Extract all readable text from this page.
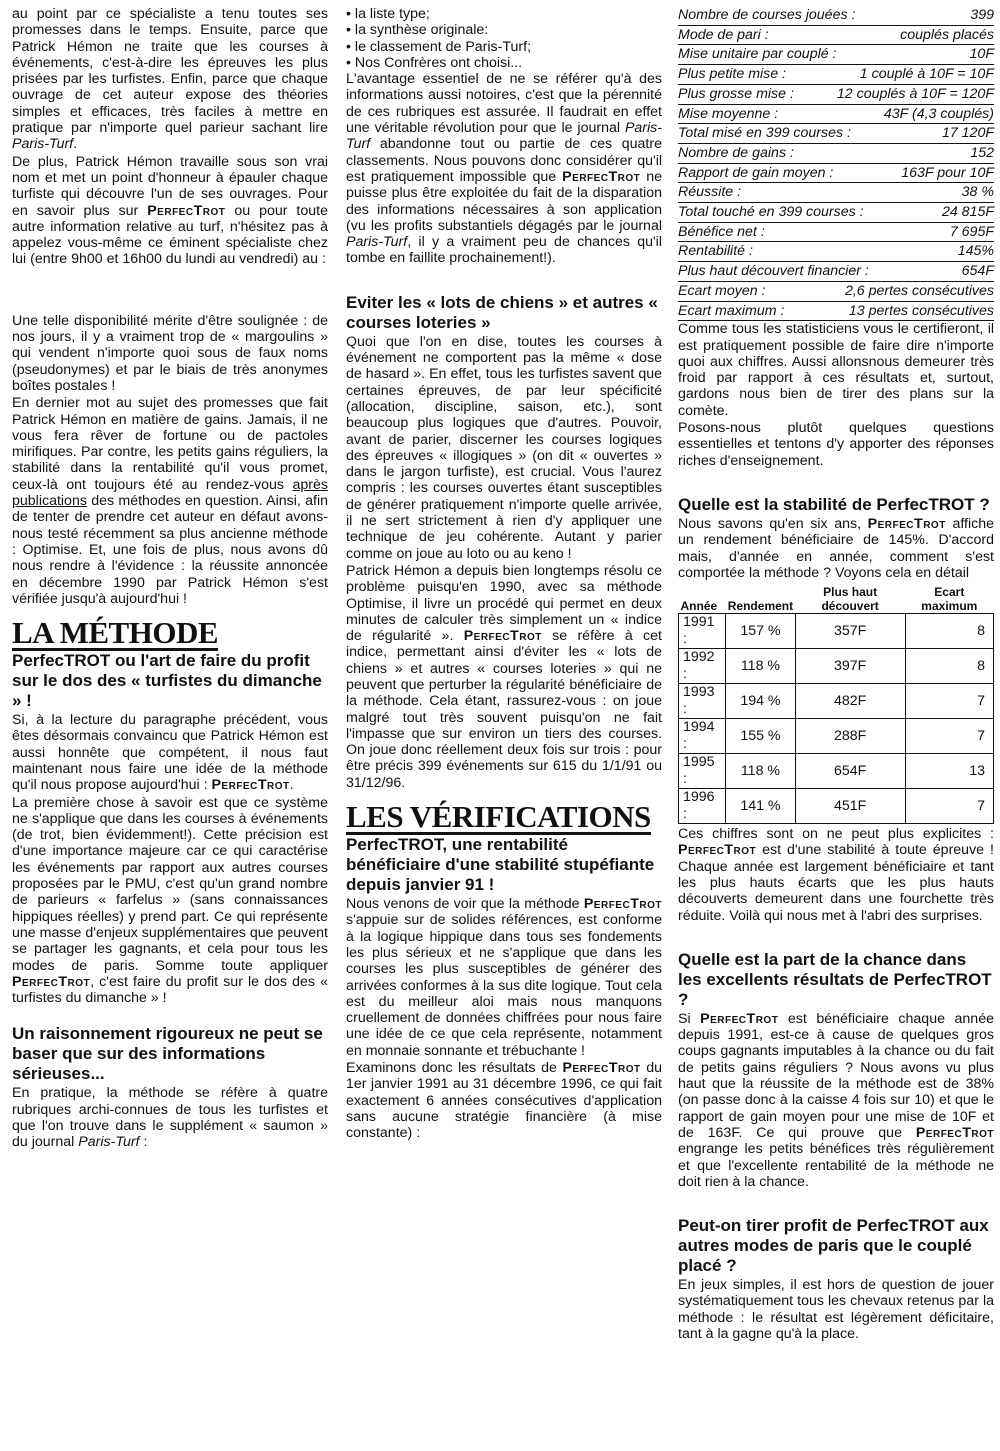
au point par ce spécialiste a tenu toutes ses promesses dans le temps. Ensuite, parce que Patrick Hémon ne traite que les courses à événements, c'est-à-dire les épreuves les plus prisées par les turfistes. Enfin, parce que chaque ouvrage de cet auteur expose des théories simples et efficaces, très faciles à mettre en pratique par n'importe quel parieur sachant lire Paris-Turf.

De plus, Patrick Hémon travaille sous son vrai nom et met un point d'honneur à épauler chaque turfiste qui découvre l'un de ses ouvrages. Pour en savoir plus sur PerfecTrot ou pour toute autre information relative au turf, n'hésitez pas à appelez vous-même ce éminent spécialiste chez lui (entre 9h00 et 16h00 du lundi au vendredi) au :

Une telle disponibilité mérite d'être soulignée : de nos jours, il y a vraiment trop de « margoulins » qui vendent n'importe quoi sous de faux noms (pseudonymes) et par le biais de très anonymes boîtes postales !

En dernier mot au sujet des promesses que fait Patrick Hémon en matière de gains. Jamais, il ne vous fera rêver de fortune ou de pactoles mirifiques. Par contre, les petits gains réguliers, la stabilité dans la rentabilité qu'il vous promet, ceux-là ont toujours été au rendez-vous après publications des méthodes en question. Ainsi, afin de tenter de prendre cet auteur en défaut avons-nous testé récemment sa plus ancienne méthode : Optimise. Et, une fois de plus, nous avons dû nous rendre à l'évidence : la réussite annoncée en décembre 1990 par Patrick Hémon s'est vérifiée jusqu'à aujourd'hui !

LA MÉTHODE
PerfecTROT ou l'art de faire du profit sur le dos des « turfistes du dimanche » !

Si, à la lecture du paragraphe précédent, vous êtes désormais convaincu que Patrick Hémon est aussi honnête que compétent, il nous faut maintenant nous faire une idée de la méthode qu'il nous propose aujourd'hui : PerfecTrot.

La première chose à savoir est que ce système ne s'applique que dans les courses à événements (de trot, bien évidemment!). Cette précision est d'une importance majeure car ce qui caractérise les événements par rapport aux autres courses proposées par le PMU, c'est qu'un grand nombre de parieurs « farfelus » (sans connaissances hippiques réelles) y prend part. Ce qui représente une masse d'enjeux supplémentaires que peuvent se partager les gagnants, et cela pour tous les modes de paris. Somme toute appliquer PerfecTrot, c'est faire du profit sur le dos des « turfistes du dimanche » !

Un raisonnement rigoureux ne peut se baser que sur des informations sérieuses...

En pratique, la méthode se réfère à quatre rubriques archi-connues de tous les turfistes et que l'on trouve dans le supplément « saumon » du journal Paris-Turf :

• la liste type;
• la synthèse originale:
• le classement de Paris-Turf;
• Nos Confrères ont choisi...

L'avantage essentiel de ne se référer qu'à des informations aussi notoires, c'est que la pérennité de ces rubriques est assurée. Il faudrait en effet une véritable révolution pour que le journal Paris-Turf abandonne tout ou partie de ces quatre classements. Nous pouvons donc considérer qu'il est pratiquement impossible que PerfecTrot ne puisse plus être exploitée du fait de la disparation des informations nécessaires à son application (vu les profits substantiels dégagés par le journal Paris-Turf, il y a vraiment peu de chances qu'il tombe en faillite prochainement!).

Eviter les « lots de chiens » et autres « courses loteries »

Quoi que l'on en dise, toutes les courses à événement ne comportent pas la même « dose de hasard ». En effet, tous les turfistes savent que certaines épreuves, de par leur spécificité (allocation, discipline, saison, etc.), sont beaucoup plus logiques que d'autres. Pouvoir, avant de parier, discerner les courses logiques des épreuves « illogiques » (on dit « ouvertes » dans le jargon turfiste), est crucial. Vous l'aurez compris : les courses ouvertes étant susceptibles de générer pratiquement n'importe quelle arrivée, il ne sert strictement à rien d'y appliquer une technique de jeu cohérente. Autant y parier comme on joue au loto ou au keno !

Patrick Hémon a depuis bien longtemps résolu ce problème puisqu'en 1990, avec sa méthode Optimise, il livre un procédé qui permet en deux minutes de calculer très simplement un « indice de régularité ». PerfecTrot se réfère à cet indice, permettant ainsi d'éviter les « lots de chiens » et autres « courses loteries » qui ne peuvent que perturber la régularité bénéficiaire de la méthode. Cela étant, rassurez-vous : on joue malgré tout très souvent puisqu'on ne fait l'impasse que sur environ un tiers des courses. On joue donc réellement deux fois sur trois : pour être précis 399 événements sur 615 du 1/1/91 ou 31/12/96.

LES VÉRIFICATIONS
PerfecTROT, une rentabilité bénéficiaire d'une stabilité stupéfiante depuis janvier 91 !

Nous venons de voir que la méthode PerfecTrot s'appuie sur de solides références, est conforme à la logique hippique dans tous ses fondements les plus sérieux et ne s'applique que dans les courses les plus susceptibles de générer des arrivées conformes à la sus dite logique. Tout cela est du meilleur aloi mais nous manquons cruellement de données chiffrées pour nous faire une idée de ce que cela représente, notamment en monnaie sonnante et trébuchante !

Examinons donc les résultats de PerfecTrot du 1er janvier 1991 au 31 décembre 1996, ce qui fait exactement 6 années consécutives d'application sans aucune stratégie financière (à mise constante) :

Nombre de courses jouées :	399
Mode de pari :	couplés placés
Mise unitaire par couplé :	10F
Plus petite mise :	1 couplé à 10F = 10F
Plus grosse mise :	12 couplés à 10F = 120F
Mise moyenne :	43F (4,3 couplés)
Total misé en 399 courses :	17 120F
Nombre de gains :	152
Rapport de gain moyen :	163F pour 10F
Réussite :	38 %
Total touché en 399 courses :	24 815F
Bénéfice net :	7 695F
Rentabilité :	145%
Plus haut découvert financier :	654F
Ecart moyen :	2,6 pertes consécutives
Ecart maximum :	13 pertes consécutives

Comme tous les statisticiens vous le certifieront, il est pratiquement possible de faire dire n'importe quoi aux chiffres. Aussi allonsnous demeurer très froid par rapport à ces résultats et, surtout, gardons nous bien de tirer des plans sur la comète.

Posons-nous plutôt quelques questions essentielles et tentons d'y apporter des réponses riches d'enseignement.

Quelle est la stabilité de PerfecTROT ?

Nous savons qu'en six ans, PerfecTrot affiche un rendement bénéficiaire de 145%. D'accord mais, d'année en année, comment s'est comportée la méthode ? Voyons cela en détail

Année	Rendement	Plus haut découvert	Ecart maximum
1991 :	157 %	357F	8
1992 :	118 %	397F	8
1993 :	194 %	482F	7
1994 :	155 %	288F	7
1995 :	118 %	654F	13
1996 :	141 %	451F	7

Ces chiffres sont on ne peut plus explicites : PerfecTrot est d'une stabilité à toute épreuve ! Chaque année est largement bénéficiaire et tant les plus hauts écarts que les plus hauts découverts demeurent dans une fourchette très réduite. Voilà qui nous met à l'abri des surprises.

Quelle est la part de la chance dans les excellents résultats de PerfecTROT ?

Si PerfecTrot est bénéficiaire chaque année depuis 1991, est-ce à cause de quelques gros coups gagnants imputables à la chance ou du fait de petits gains réguliers ? Nous avons vu plus haut que la réussite de la méthode est de 38% (on passe donc à la caisse 4 fois sur 10) et que le rapport de gain moyen pour une mise de 10F et de 163F. Ce qui prouve que PerfecTrot engrange les petits bénéfices très régulièrement et que l'excellente rentabilité de la méthode ne doit rien à la chance.

Peut-on tirer profit de PerfecTROT aux autres modes de paris que le couplé placé ?

En jeux simples, il est hors de question de jouer systématiquement tous les chevaux retenus par la méthode : le résultat est légèrement déficitaire, tant à la gagne qu'à la place.
